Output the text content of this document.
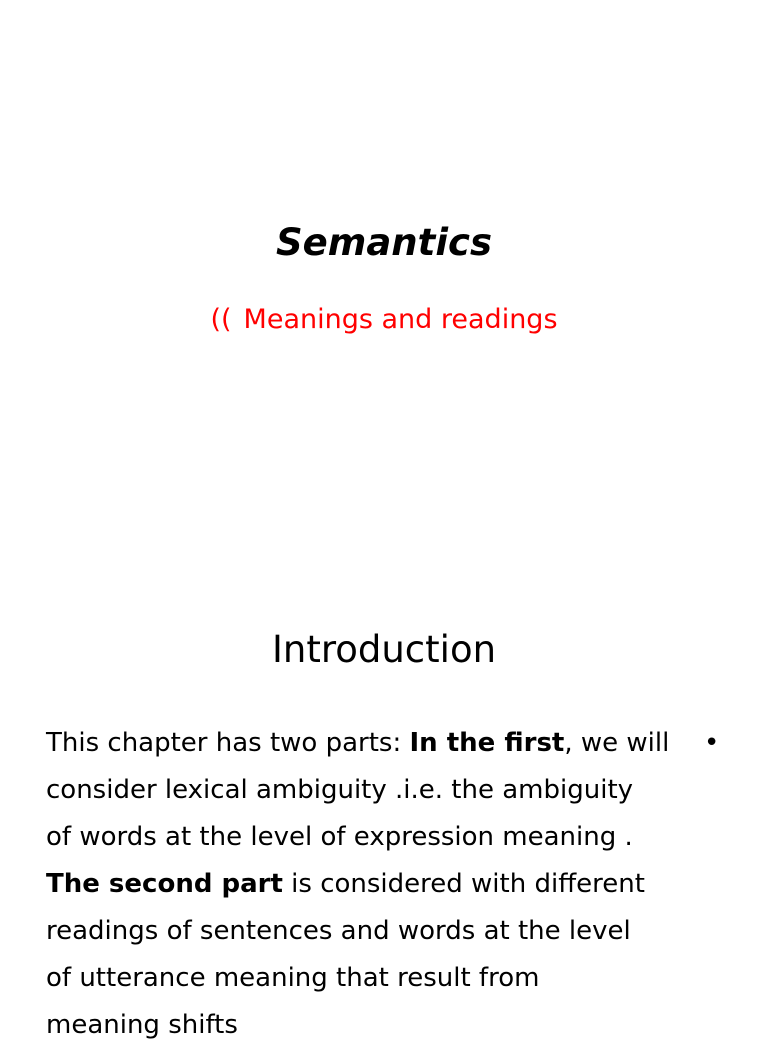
Semantics

(( Meanings and readings

Introduction
•

This chapter has two parts: In the first, we will
consider lexical ambiguity .i.e. the ambiguity
of words at the level of expression meaning .
The second part is considered with different
readings of sentences and words at the level
of utterance meaning that result from
meaning shifts
